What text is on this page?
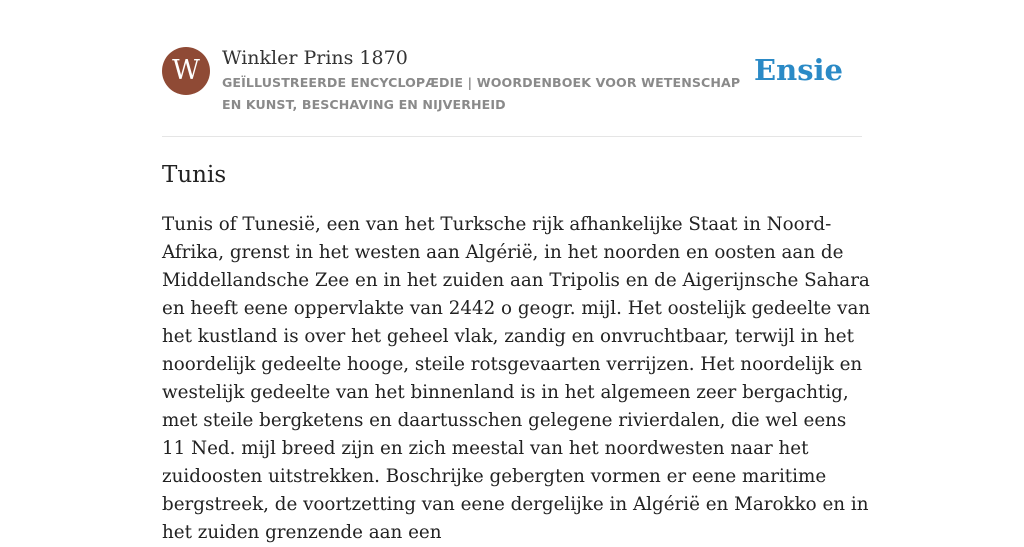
W	Winkler Prins 1870
GEÏLLUSTREERDE ENCYCLOPÆDIE | WOORDENBOEK VOOR WETENSCHAP EN KUNST, BESCHAVING EN NIJVERHEID
Ensie
Tunis

Tunis of Tunesië, een van het Turksche rijk afhankelijke Staat in Noord-Afrika, grenst in het westen aan Algérië, in het noorden en oosten aan de Middellandsche Zee en in het zuiden aan Tripolis en de Aigerijnsche Sahara en heeft eene oppervlakte van 2442 o geogr. mijl. Het oostelijk gedeelte van het kustland is over het geheel vlak, zandig en onvruchtbaar, terwijl in het noordelijk gedeelte hooge, steile rotsgevaarten verrijzen. Het noordelijk en westelijk gedeelte van het binnenland is in het algemeen zeer bergachtig, met steile bergketens en daartusschen gelegene rivierdalen, die wel eens 11 Ned. mijl breed zijn en zich meestal van het noordwesten naar het zuidoosten uitstrekken. Boschrijke gebergten vormen er eene maritime bergstreek, de voortzetting van eene dergelijke in Algérië en Marokko en in het zuiden grenzende aan een
